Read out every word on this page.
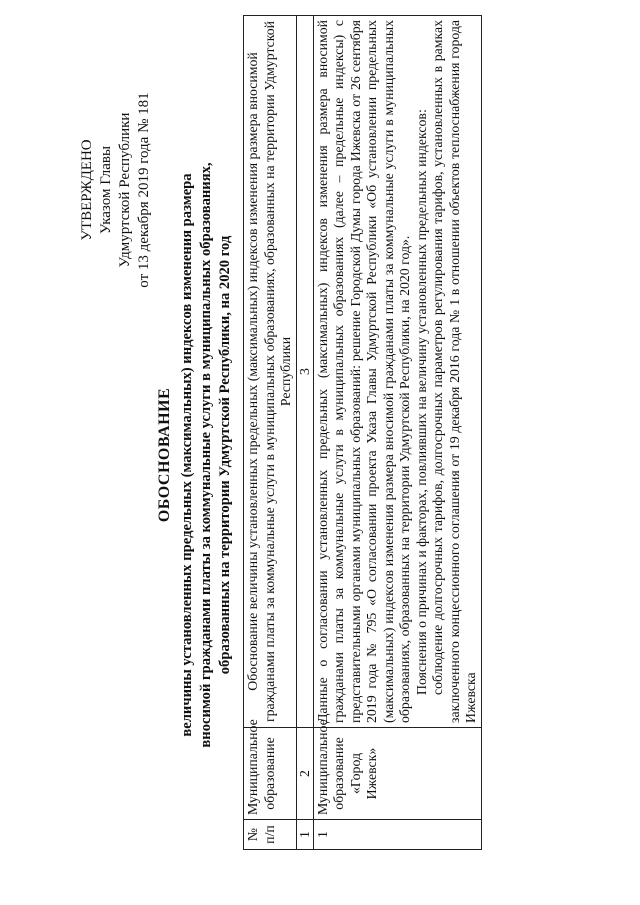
УТВЕРЖДЕНО Указом Главы Удмуртской Республики от 13 декабря 2019 года № 181
ОБОСНОВАНИЕ величины установленных предельных (максимальных) индексов изменения размера вносимой гражданами платы за коммунальные услуги в муниципальных образованиях, образованных на территории Удмуртской Республики, на 2020 год
№ п/п	Муниципальное образование	Обоснование величины установленных предельных (максимальных) индексов изменения размера вносимой гражданами платы за коммунальные услуги в муниципальных образованиях, образованных на территории Удмуртской Республики
1	2	3
1	Муниципальное образование «Город Ижевск»	Данные о согласовании установленных предельных (максимальных) индексов изменения размера вносимой гражданами платы за коммунальные услуги в муниципальных образованиях (далее – предельные индексы) с представительными органами муниципальных образований: решение Городской Думы города Ижевска от 26 сентября 2019 года № 795 «О согласовании проекта Указа Главы Удмуртской Республики «Об установлении предельных (максимальных) индексов изменения размера вносимой гражданами платы за коммунальные услуги в муниципальных образованиях, образованных на территории Удмуртской Республики, на 2020 год». Пояснения о причинах и факторах, повлиявших на величину установленных предельных индексов: соблюдение долгосрочных тарифов, долгосрочных параметров регулирования тарифов, установленных в рамках заключенного концессионного соглашения от 19 декабря 2016 года № 1 в отношении объектов теплоснабжения города Ижевска
